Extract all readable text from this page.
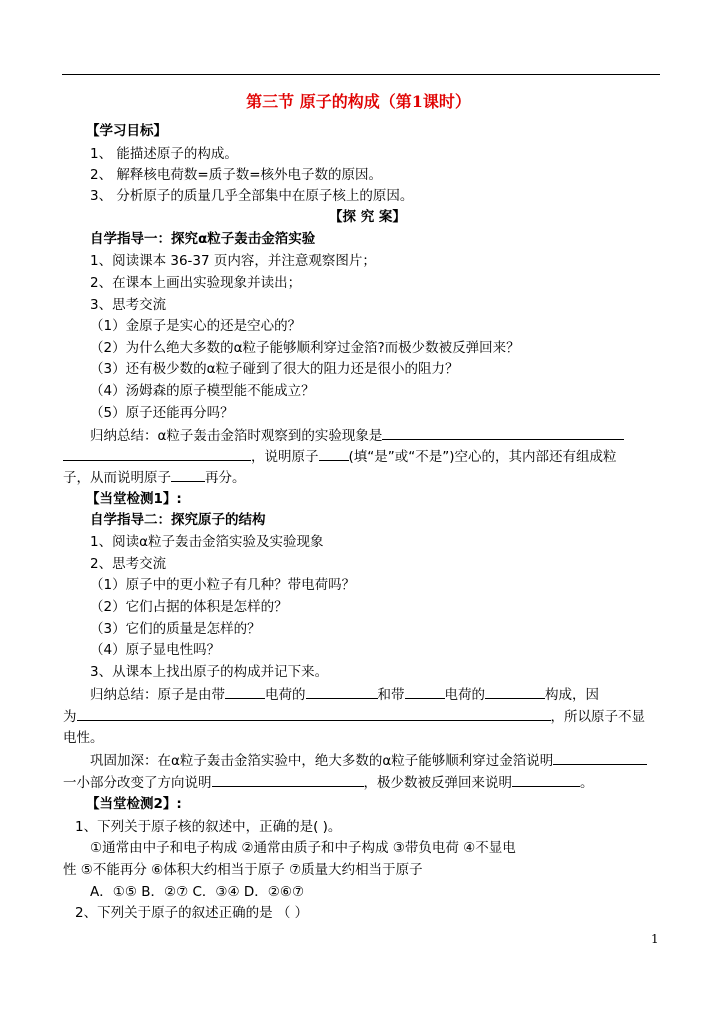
第三节 原子的构成（第1课时）
【学习目标】
1、 能描述原子的构成。
2、 解释核电荷数=质子数=核外电子数的原因。
3、 分析原子的质量几乎全部集中在原子核上的原因。
【探 究 案】
自学指导一：探究α粒子轰击金箔实验
1、阅读课本 36-37 页内容，并注意观察图片；
2、在课本上画出实验现象并读出；
3、思考交流
（1）金原子是实心的还是空心的？
（2）为什么绝大多数的α粒子能够顺利穿过金箔?而极少数被反弹回来？
（3）还有极少数的α粒子碰到了很大的阻力还是很小的阻力？
（4）汤姆森的原子模型能不能成立？
（5）原子还能再分吗？
归纳总结：α粒子轰击金箔时观察到的实验现象是
，说明原子 (填“是”或“不是”)空心的，其内部还有组成粒
子，从而说明原子	再分。
【当堂检测1】:
自学指导二：探究原子的结构
1、阅读α粒子轰击金箔实验及实验现象
2、思考交流
（1）原子中的更小粒子有几种？带电荷吗？
（2）它们占据的体积是怎样的？
（3）它们的质量是怎样的？
（4）原子显电性吗？
3、从课本上找出原子的构成并记下来。
归纳总结：原子是由带	电荷的	和带	电荷的	构成，因
为	，所以原子不显
电性。
巩固加深：在α粒子轰击金箔实验中，绝大多数的α粒子能够顺利穿过金箔说明
一小部分改变了方向说明	，极少数被反弹回来说明	。
【当堂检测2】:
1、下列关于原子核的叙述中，正确的是( )。
①通常由中子和电子构成 ②通常由质子和中子构成 ③带负电荷 ④不显电
性 ⑤不能再分 ⑥体积大约相当于原子 ⑦质量大约相当于原子
A．①⑤ B．②⑦ C．③④ D．②⑥⑦
2、下列关于原子的叙述正确的是 （ ）
1
